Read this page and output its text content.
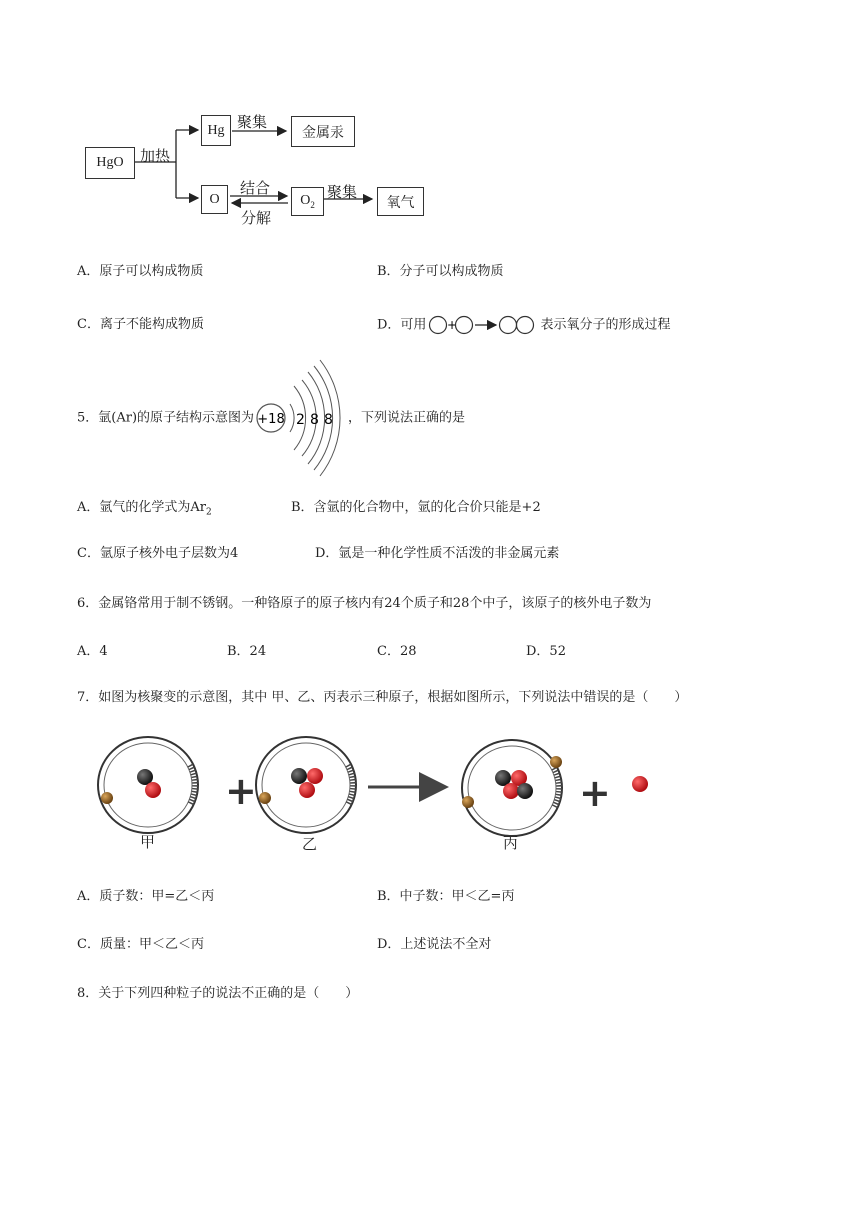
HgO 加热
Hg 聚集
金属汞
O
结合
分解
$O_2$
聚集
氧气
A．原子可以构成物质	B．分子可以构成物质
C．离子不能构成物质	D．可用 +	表示氧分子的形成过程
5．氩(Ar)的原子结构示意图为 +18 2 8 8 ，下列说法正确的是
A．氩气的化学式为$Ar_2$	B．含氩的化合物中，氩的化合价只能是+2
C．氩原子核外电子层数为4	D．氩是一种化学性质不活泼的非金属元素
6．金属铬常用于制不锈钢。一种铬原子的原子核内有24个质子和28个中子，该原子的核外电子数为
A．4	B．24	C．28	D．52
7．如图为核聚变的示意图，其中 甲、乙、丙表示三种原子，根据如图所示，下列说法中错误的是（　　）
+	+
甲	乙	丙
A．质子数：甲=乙＜丙	B．中子数：甲＜乙=丙
C．质量：甲＜乙＜丙	D．上述说法不全对
8．关于下列四种粒子的说法不正确的是（　　）
